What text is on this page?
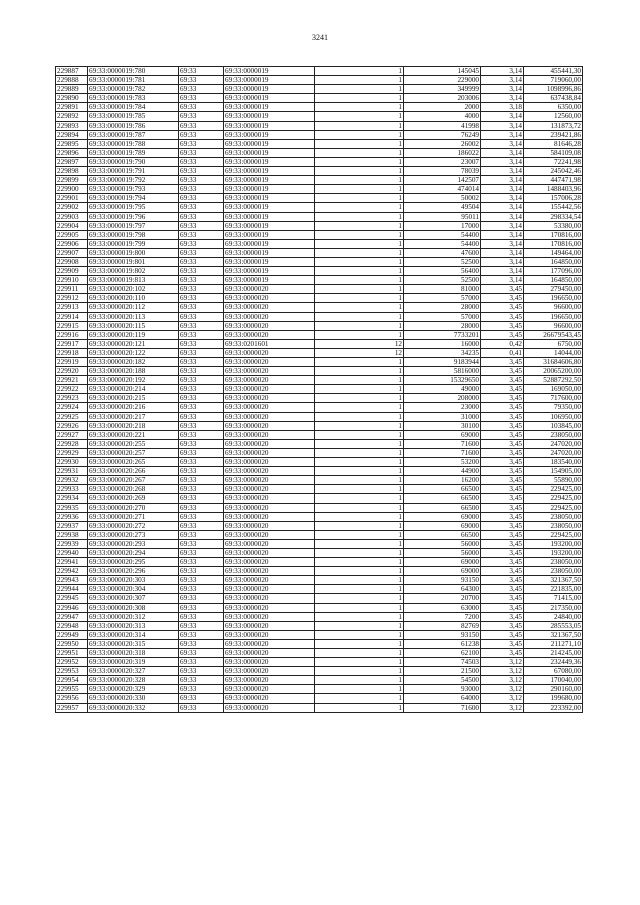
3241
229887	69:33:0000019:780	69:33	69:33:0000019	1	145045	3,14	455441,30
229888	69:33:0000019:781	69:33	69:33:0000019	1	229000	3,14	719060,00
229889	69:33:0000019:782	69:33	69:33:0000019	1	349999	3,14	1098996,86
229890	69:33:0000019:783	69:33	69:33:0000019	1	203006	3,14	637438,84
229891	69:33:0000019:784	69:33	69:33:0000019	1	2000	3,18	6350,00
229892	69:33:0000019:785	69:33	69:33:0000019	1	4000	3,14	12560,00
229893	69:33:0000019:786	69:33	69:33:0000019	1	41998	3,14	131873,72
229894	69:33:0000019:787	69:33	69:33:0000019	1	76249	3,14	239421,86
229895	69:33:0000019:788	69:33	69:33:0000019	1	26002	3,14	81646,28
229896	69:33:0000019:789	69:33	69:33:0000019	1	186022	3,14	584109,08
229897	69:33:0000019:790	69:33	69:33:0000019	1	23007	3,14	72241,98
229898	69:33:0000019:791	69:33	69:33:0000019	1	78039	3,14	245042,46
229899	69:33:0000019:792	69:33	69:33:0000019	1	142507	3,14	447471,98
229900	69:33:0000019:793	69:33	69:33:0000019	1	474014	3,14	1488403,96
229901	69:33:0000019:794	69:33	69:33:0000019	1	50002	3,14	157006,28
229902	69:33:0000019:795	69:33	69:33:0000019	1	49504	3,14	155442,56
229903	69:33:0000019:796	69:33	69:33:0000019	1	95011	3,14	298334,54
229904	69:33:0000019:797	69:33	69:33:0000019	1	17000	3,14	53380,00
229905	69:33:0000019:798	69:33	69:33:0000019	1	54400	3,14	170816,00
229906	69:33:0000019:799	69:33	69:33:0000019	1	54400	3,14	170816,00
229907	69:33:0000019:800	69:33	69:33:0000019	1	47600	3,14	149464,00
229908	69:33:0000019:801	69:33	69:33:0000019	1	52500	3,14	164850,00
229909	69:33:0000019:802	69:33	69:33:0000019	1	56400	3,14	177096,00
229910	69:33:0000019:813	69:33	69:33:0000019	1	52500	3,14	164850,00
229911	69:33:0000020:102	69:33	69:33:0000020	1	81000	3,45	279450,00
229912	69:33:0000020:110	69:33	69:33:0000020	1	57000	3,45	196650,00
229913	69:33:0000020:112	69:33	69:33:0000020	1	28000	3,45	96600,00
229914	69:33:0000020:113	69:33	69:33:0000020	1	57000	3,45	196650,00
229915	69:33:0000020:115	69:33	69:33:0000020	1	28000	3,45	96600,00
229916	69:33:0000020:119	69:33	69:33:0000020	1	7733201	3,45	26679543,45
229917	69:33:0000020:121	69:33	69:33:0201601	12	16000	0,42	6750,00
229918	69:33:0000020:122	69:33	69:33:0000020	12	34235	0,41	14044,00
229919	69:33:0000020:182	69:33	69:33:0000020	1	9183944	3,45	31684606,80
229920	69:33:0000020:188	69:33	69:33:0000020	1	5816000	3,45	20065200,00
229921	69:33:0000020:192	69:33	69:33:0000020	1	15329650	3,45	52887292,50
229922	69:33:0000020:214	69:33	69:33:0000020	1	49000	3,45	169050,00
229923	69:33:0000020:215	69:33	69:33:0000020	1	208000	3,45	717600,00
229924	69:33:0000020:216	69:33	69:33:0000020	1	23000	3,45	79350,00
229925	69:33:0000020:217	69:33	69:33:0000020	1	31000	3,45	106950,00
229926	69:33:0000020:218	69:33	69:33:0000020	1	30100	3,45	103845,00
229927	69:33:0000020:221	69:33	69:33:0000020	1	69000	3,45	238050,00
229928	69:33:0000020:255	69:33	69:33:0000020	1	71600	3,45	247020,00
229929	69:33:0000020:257	69:33	69:33:0000020	1	71600	3,45	247020,00
229930	69:33:0000020:265	69:33	69:33:0000020	1	53200	3,45	183540,00
229931	69:33:0000020:266	69:33	69:33:0000020	1	44900	3,45	154905,00
229932	69:33:0000020:267	69:33	69:33:0000020	1	16200	3,45	55890,00
229933	69:33:0000020:268	69:33	69:33:0000020	1	66500	3,45	229425,00
229934	69:33:0000020:269	69:33	69:33:0000020	1	66500	3,45	229425,00
229935	69:33:0000020:270	69:33	69:33:0000020	1	66500	3,45	229425,00
229936	69:33:0000020:271	69:33	69:33:0000020	1	69000	3,45	238050,00
229937	69:33:0000020:272	69:33	69:33:0000020	1	69000	3,45	238050,00
229938	69:33:0000020:273	69:33	69:33:0000020	1	66500	3,45	229425,00
229939	69:33:0000020:293	69:33	69:33:0000020	1	56000	3,45	193200,00
229940	69:33:0000020:294	69:33	69:33:0000020	1	56000	3,45	193200,00
229941	69:33:0000020:295	69:33	69:33:0000020	1	69000	3,45	238050,00
229942	69:33:0000020:296	69:33	69:33:0000020	1	69000	3,45	238050,00
229943	69:33:0000020:303	69:33	69:33:0000020	1	93150	3,45	321367,50
229944	69:33:0000020:304	69:33	69:33:0000020	1	64300	3,45	221835,00
229945	69:33:0000020:307	69:33	69:33:0000020	1	20700	3,45	71415,00
229946	69:33:0000020:308	69:33	69:33:0000020	1	63000	3,45	217350,00
229947	69:33:0000020:312	69:33	69:33:0000020	1	7200	3,45	24840,00
229948	69:33:0000020:313	69:33	69:33:0000020	1	82769	3,45	285553,05
229949	69:33:0000020:314	69:33	69:33:0000020	1	93150	3,45	321367,50
229950	69:33:0000020:315	69:33	69:33:0000020	1	61238	3,45	211271,10
229951	69:33:0000020:318	69:33	69:33:0000020	1	62100	3,45	214245,00
229952	69:33:0000020:319	69:33	69:33:0000020	1	74503	3,12	232449,36
229953	69:33:0000020:327	69:33	69:33:0000020	1	21500	3,12	67080,00
229954	69:33:0000020:328	69:33	69:33:0000020	1	54500	3,12	170040,00
229955	69:33:0000020:329	69:33	69:33:0000020	1	93000	3,12	290160,00
229956	69:33:0000020:330	69:33	69:33:0000020	1	64000	3,12	199680,00
229957	69:33:0000020:332	69:33	69:33:0000020	1	71600	3,12	223392,00
